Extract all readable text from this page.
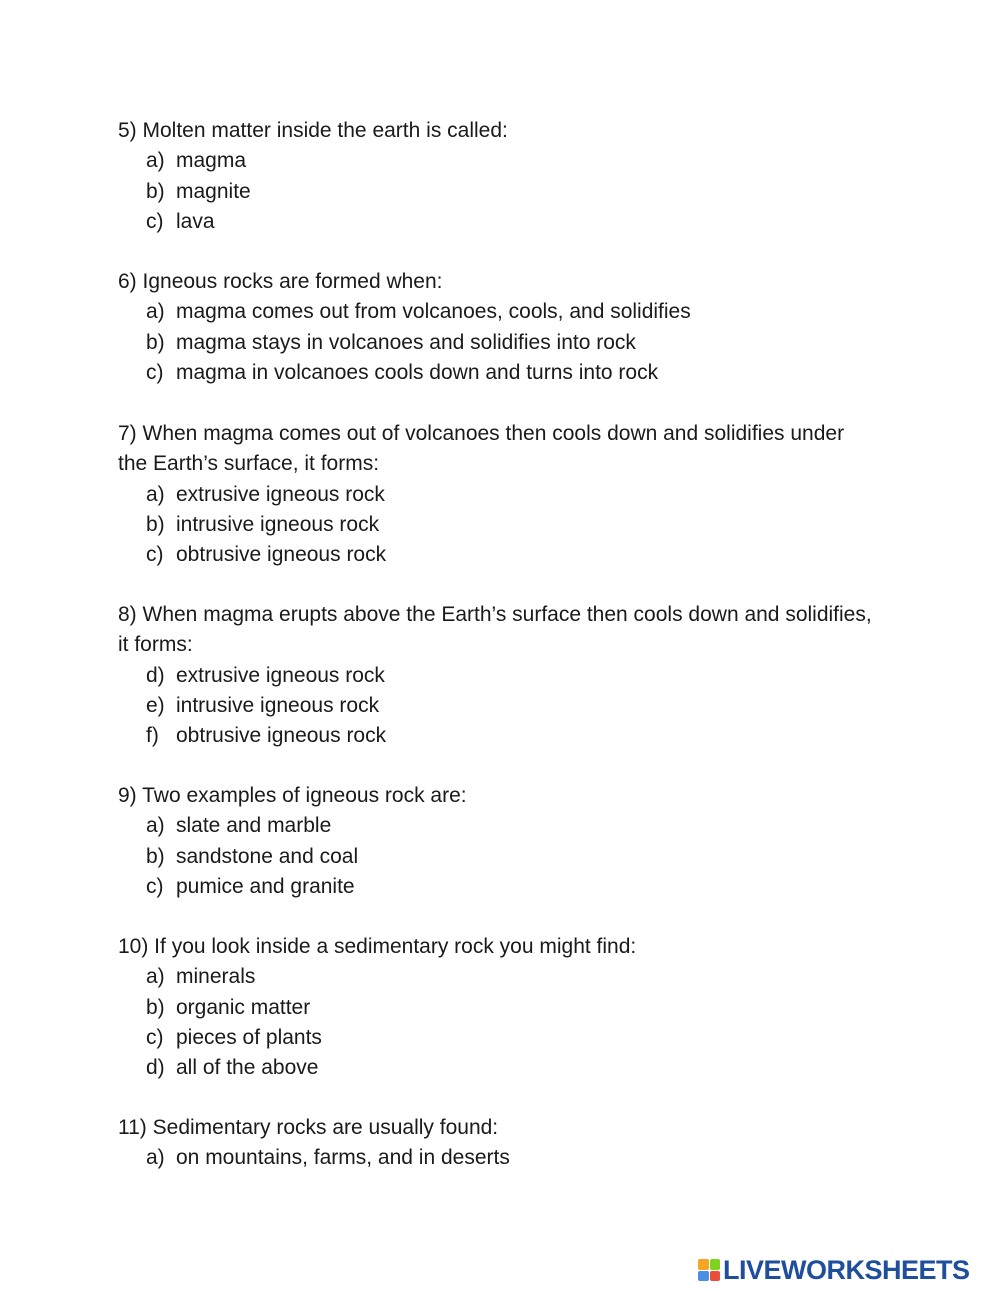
5) Molten matter inside the earth is called:

a) magma
b) magnite
c) lava

6) Igneous rocks are formed when:

a) magma comes out from volcanoes, cools, and solidifies
b) magma stays in volcanoes and solidifies into rock
c) magma in volcanoes cools down and turns into rock

7) When magma comes out of volcanoes then cools down and solidifies under the Earth’s surface, it forms:

a) extrusive igneous rock
b) intrusive igneous rock
c) obtrusive igneous rock

8) When magma erupts above the Earth’s surface then cools down and solidifies, it forms:

d) extrusive igneous rock
e) intrusive igneous rock
f) obtrusive igneous rock

9) Two examples of igneous rock are:

a) slate and marble
b) sandstone and coal
c) pumice and granite

10) If you look inside a sedimentary rock you might find:

a) minerals
b) organic matter
c) pieces of plants
d) all of the above

11) Sedimentary rocks are usually found:

a) on mountains, farms, and in deserts
LIVEWORKSHEETS
